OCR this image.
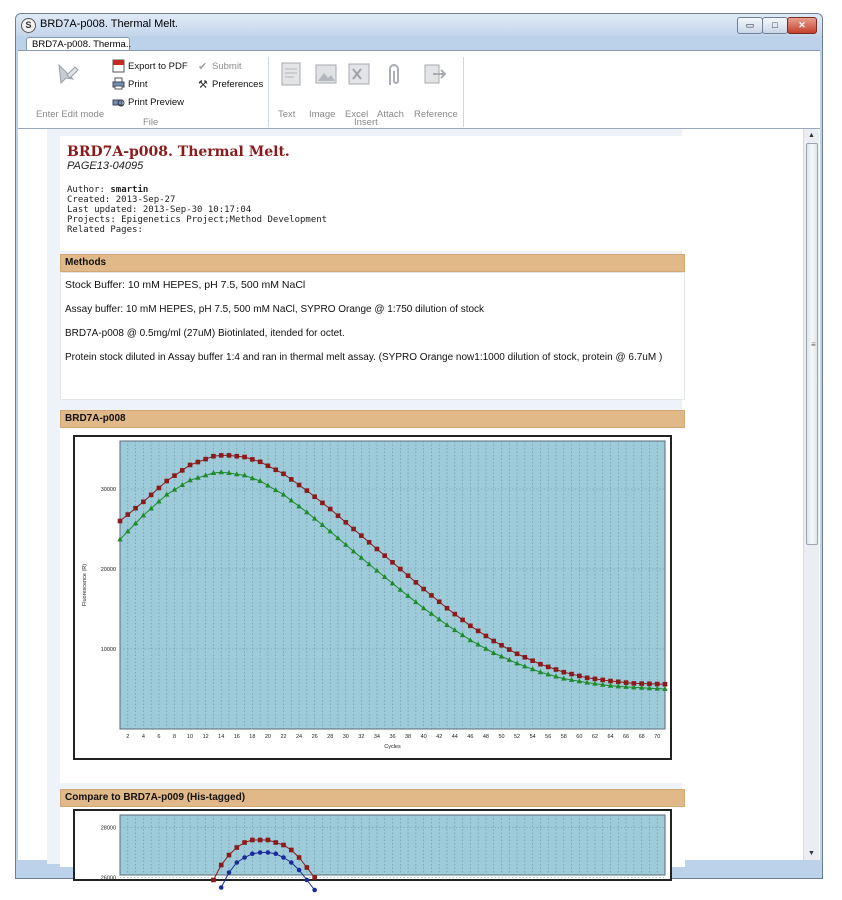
S BRD7A-p008. Thermal Melt.	▭	□	✕
BRD7A-p008. Therma..
Enter Edit mode
Export to PDF
Print
Print Preview
✔ Submit
⚒ Preferences
File
Text Image Excel Attach Reference
Insert
BRD7A-p008. Thermal Melt.
PAGE13-04095
Author: smartin
Created: 2013-Sep-27
Last updated: 2013-Sep-30 10:17:04
Projects: Epigenetics Project;Method Development
Related Pages:
Methods
Stock Buffer: 10 mM HEPES, pH 7.5, 500 mM NaCl
Assay buffer: 10 mM HEPES, pH 7.5, 500 mM NaCl, SYPRO Orange @ 1:750 dilution of stock
BRD7A-p008 @ 0.5mg/ml (27uM) Biotinlated, itended for octet.
Protein stock diluted in Assay buffer 1:4 and ran in thermal melt assay. (SYPRO Orange now1:1000 dilution of stock, protein @ 6.7uM )
BRD7A-p008
10000
20000
30000
2 4 6 8 10 12 14 16 18 20 22 24 26 28 30 32 34 36 38 40 42 44 46 48 50 52 54 56 58 60 62 64 66 68 70
Cycles
Fluorescence (R)
Compare to BRD7A-p009 (His-tagged)
26000
28000
▲
≡
▼
